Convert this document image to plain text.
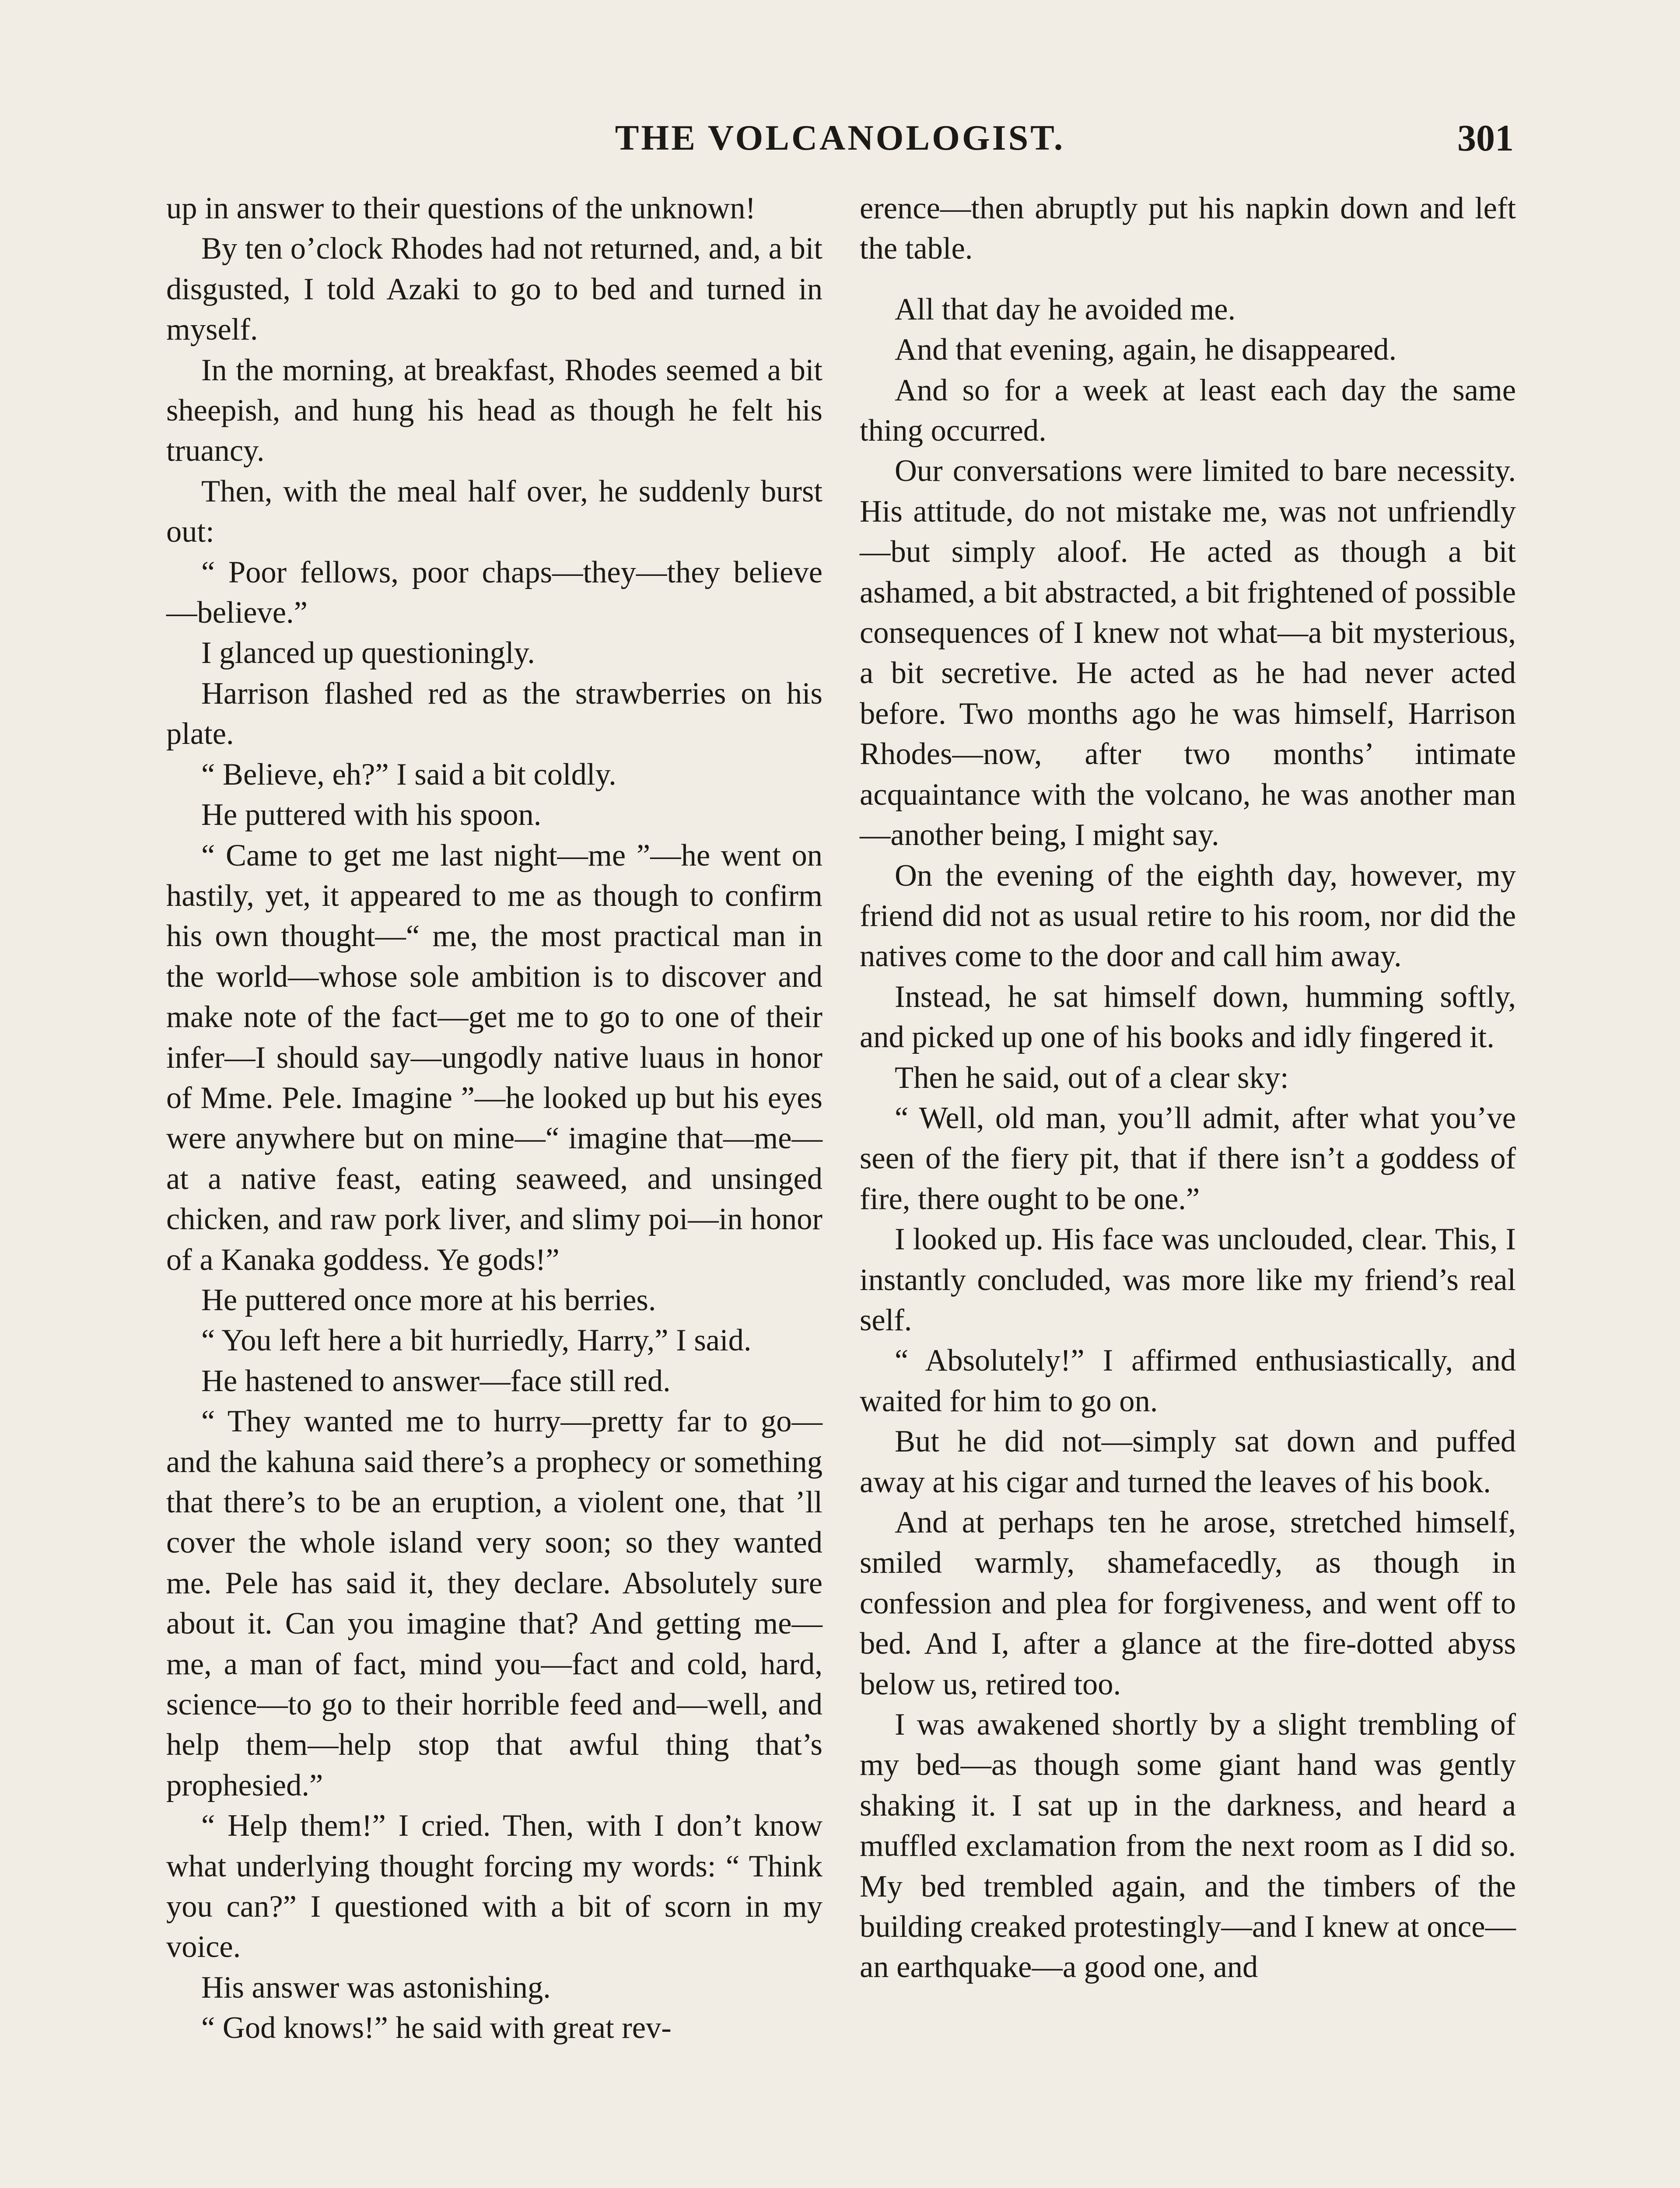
THE VOLCANOLOGIST.	301

up in answer to their questions of the unknown!

By ten o’clock Rhodes had not returned, and, a bit disgusted, I told Azaki to go to bed and turned in myself.

In the morning, at breakfast, Rhodes seemed a bit sheepish, and hung his head as though he felt his truancy.

Then, with the meal half over, he suddenly burst out:

“ Poor fellows, poor chaps—they—they believe—believe.”

I glanced up questioningly.

Harrison flashed red as the strawberries on his plate.

“ Believe, eh?” I said a bit coldly.

He puttered with his spoon.

“ Came to get me last night—me ”—he went on hastily, yet, it appeared to me as though to confirm his own thought—“ me, the most practical man in the world—whose sole ambition is to discover and make note of the fact—get me to go to one of their infer—I should say—ungodly native luaus in honor of Mme. Pele. Imagine ”—he looked up but his eyes were anywhere but on mine—“ imagine that—me—at a native feast, eating seaweed, and unsinged chicken, and raw pork liver, and slimy poi—in honor of a Kanaka goddess. Ye gods!”

He puttered once more at his berries.

“ You left here a bit hurriedly, Harry,” I said.

He hastened to answer—face still red.

“ They wanted me to hurry—pretty far to go—and the kahuna said there’s a prophecy or something that there’s to be an eruption, a violent one, that ’ll cover the whole island very soon; so they wanted me. Pele has said it, they declare. Absolutely sure about it. Can you imagine that? And getting me—me, a man of fact, mind you—fact and cold, hard, science—to go to their horrible feed and—well, and help them—help stop that awful thing that’s prophesied.”

“ Help them!” I cried. Then, with I don’t know what underlying thought forcing my words: “ Think you can?” I questioned with a bit of scorn in my voice.

His answer was astonishing.

“ God knows!” he said with great rev-

erence—then abruptly put his napkin down and left the table.

All that day he avoided me.

And that evening, again, he disappeared.

And so for a week at least each day the same thing occurred.

Our conversations were limited to bare necessity. His attitude, do not mistake me, was not unfriendly—but simply aloof. He acted as though a bit ashamed, a bit abstracted, a bit frightened of possible consequences of I knew not what—a bit mysterious, a bit secretive. He acted as he had never acted before. Two months ago he was himself, Harrison Rhodes—now, after two months’ intimate acquaintance with the volcano, he was another man—another being, I might say.

On the evening of the eighth day, however, my friend did not as usual retire to his room, nor did the natives come to the door and call him away.

Instead, he sat himself down, humming softly, and picked up one of his books and idly fingered it.

Then he said, out of a clear sky:

“ Well, old man, you’ll admit, after what you’ve seen of the fiery pit, that if there isn’t a goddess of fire, there ought to be one.”

I looked up. His face was unclouded, clear. This, I instantly concluded, was more like my friend’s real self.

“ Absolutely!” I affirmed enthusiastically, and waited for him to go on.

But he did not—simply sat down and puffed away at his cigar and turned the leaves of his book.

And at perhaps ten he arose, stretched himself, smiled warmly, shamefacedly, as though in confession and plea for forgiveness, and went off to bed. And I, after a glance at the fire-dotted abyss below us, retired too.

I was awakened shortly by a slight trembling of my bed—as though some giant hand was gently shaking it. I sat up in the darkness, and heard a muffled exclamation from the next room as I did so. My bed trembled again, and the timbers of the building creaked protestingly—and I knew at once—an earthquake—a good one, and
